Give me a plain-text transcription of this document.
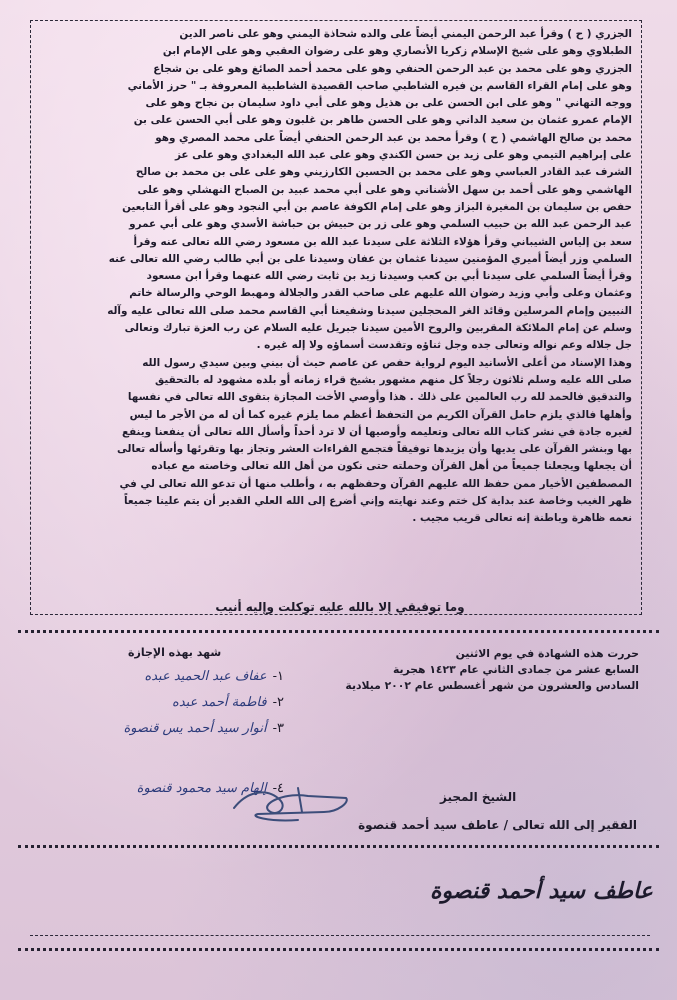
الجزري ( ح ) وقرأ عبد الرحمن اليمني أيضاً على والده شحاذة اليمني وهو على ناصر الدين

الطبلاوي وهو على شيخ الإسلام زكريا الأنصاري وهو على رضوان العقبي وهو على الإمام ابن

الجزري وهو على محمد بن عبد الرحمن الحنفي وهو على محمد أحمد الصائغ وهو على بن شجاع

وهو على إمام القراء القاسم بن فيره الشاطبي صاحب القصيدة الشاطبية المعروفة بـ " حرز الأماني

ووجه التهاني " وهو على ابن الحسن على بن هذيل وهو على أبي داود سليمان بن نجاح وهو على

الإمام عمرو عثمان بن سعيد الداني وهو على الحسن طاهر بن غلبون وهو على أبي الحسن على بن

محمد بن صالح الهاشمي ( ح ) وقرأ محمد بن عبد الرحمن الحنفي أيضاً على محمد المصري وهو

على إبراهيم التيمي وهو على زيد بن حسن الكندي وهو على عبد الله البغدادي وهو على عز

الشرف عبد القادر العباسي وهو على محمد بن الحسين الكارزيني وهو على على بن محمد بن صالح

الهاشمي وهو على أحمد بن سهل الأشناني وهو على أبي محمد عبيد بن الصباح النهشلي وهو على

حفص بن سليمان بن المغيرة البزاز وهو على إمام الكوفة عاصم بن أبي النجود وهو على أقرأ التابعين

عبد الرحمن عبد الله بن حبيب السلمي وهو على زر بن حبيش بن حباشة الأسدي وهو على أبي عمرو

سعد بن إلياس الشيباني وقرأ هؤلاء الثلاثة على سيدنا عبد الله بن مسعود رضي الله تعالى عنه وقرأ

السلمي وزر أيضاً أميري المؤمنين سيدنا عثمان بن عفان وسيدنا على بن أبي طالب رضي الله تعالى عنه

وقرأ أيضاً السلمي على سيدنا أبي بن كعب وسيدنا زيد بن ثابت رضي الله عنهما وقرأ ابن مسعود

وعثمان وعلى وأبي وزيد رضوان الله عليهم على صاحب القدر والجلالة ومهبط الوحي والرسالة خاتم

النبيين وإمام المرسلين وقائد الغر المحجلين سيدنا وشفيعنا أبي القاسم محمد صلى الله تعالى عليه وآله

وسلم عن إمام الملائكة المقربين والروح الأمين سيدنا جبريل عليه السلام عن رب العزة تبارك وتعالى

جل جلاله وعم نواله وتعالى جده وجل ثناؤه وتقدست أسماؤه ولا إله غيره .

وهذا الإسناد من أعلى الأسانيد اليوم لرواية حفص عن عاصم حيث أن بيني وبين سيدي رسول الله

صلى الله عليه وسلم ثلاثون رجلاً كل منهم مشهور بشيخ قراء زمانه أو بلده مشهود له بالتحقيق

والتدقيق فالحمد لله رب العالمين على ذلك . هذا وأوصي الأخت المجازة بتقوى الله تعالى في نفسها

وأهلها فالذي يلزم حامل القرآن الكريم من التحفظ أعظم مما يلزم غيره كما أن له من الأجر ما ليس

لغيره جادة في نشر كتاب الله تعالى وتعليمه وأوصيها أن لا ترد أحداً وأسأل الله تعالى أن ينفعنا وينفع

بها وبنشر القرآن على يديها وأن يزيدها توفيقاً فتجمع القراءات العشر وتجاز بها وتقرئها وأسأله تعالى

أن يجعلها ويجعلنا جميعاً من أهل القرآن وحملته حتى نكون من أهل الله تعالى وخاصته مع عباده

المصطفين الأخيار ممن حفظ الله عليهم القرآن وحفظهم به ، وأطلب منها أن تدعو الله تعالى لي في

ظهر الغيب وخاصة عند بداية كل ختم وعند نهايته وإني أضرع إلى الله العلي القدير أن يتم علينا جميعاً

نعمه ظاهرة وباطنة إنه تعالى قريب مجيب .

وما توفيقي إلا بالله عليه توكلت وإليه أنيب
حررت هذه الشهادة في يوم الاثنين
السابع عشر من جمادى الثاني عام ١٤٢٣ هجرية
السادس والعشرون من شهر أغسطس عام ٢٠٠٢ ميلادية
شهد بهذه الإجازة
١-عفاف عبد الحميد عبده
٢-فاطمة أحمد عبده
٣-أنوار سيد أحمد يس قنصوة
٤-إلهام سيد محمود قنصوة
الشيخ المجيز
الفقير إلى الله تعالى / عاطف سيد أحمد قنصوة
عاطف سيد أحمد قنصوة
